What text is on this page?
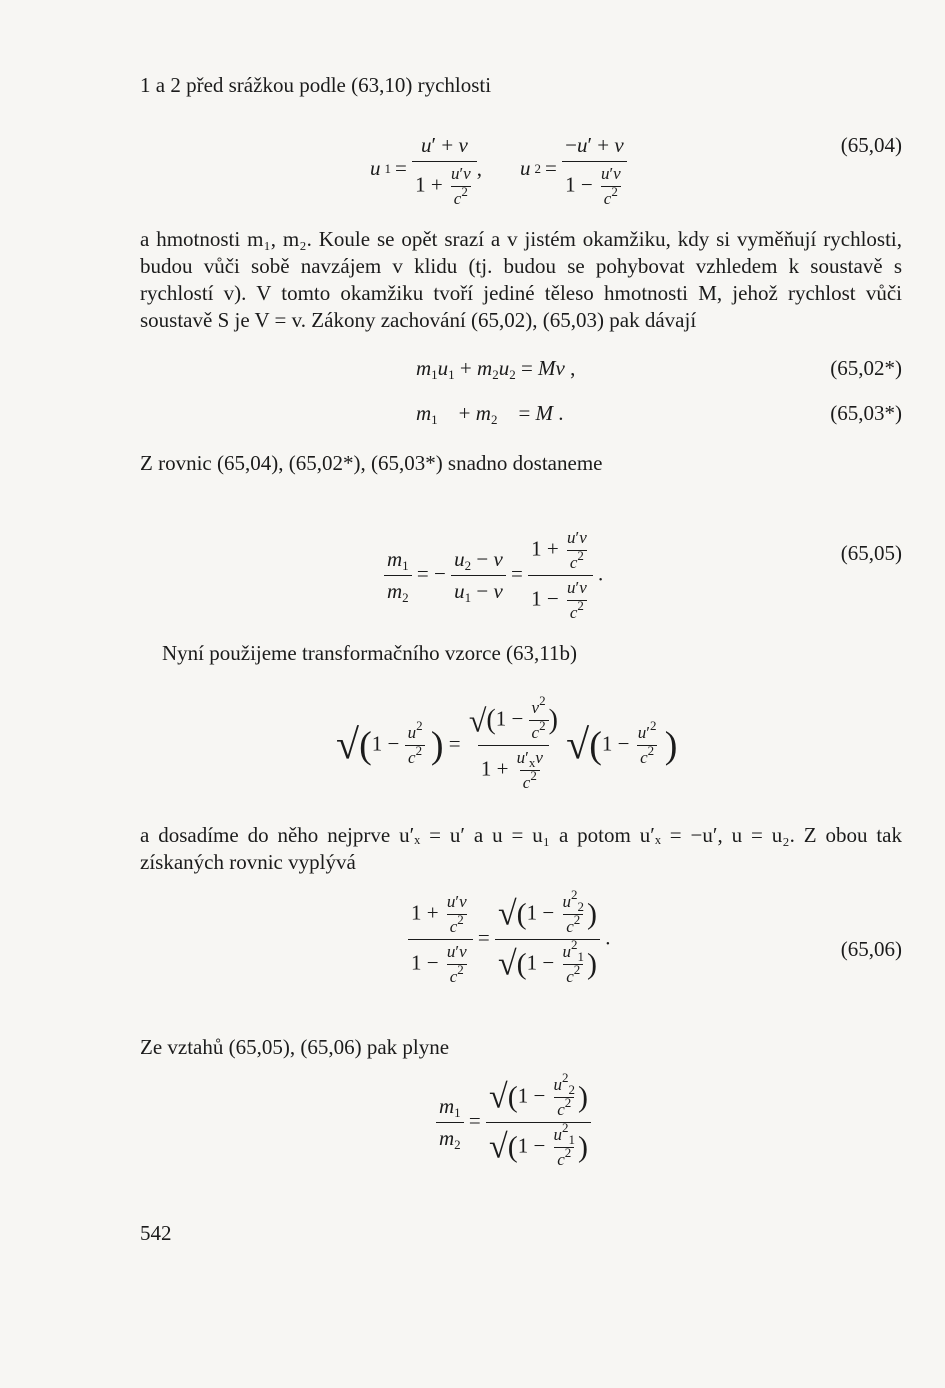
1 a 2 před srážkou podle (63,10) rychlosti

u $1 = \frac{u' + v}{1 + \frac{u'v}{c^2}}$ , u $2 = \frac{-u' + v}{1 - \frac{u'v}{c^2}}$	(65,04)

a hmotnosti m₁, m₂. Koule se opět srazí a v jistém okamžiku, kdy si vyměňují rychlosti, budou vůči sobě navzájem v klidu (tj. budou se pohybovat vzhledem k soustavě s rychlostí v). V tomto okamžiku tvoří jediné těleso hmotnosti M, jehož rychlost vůči soustavě S je V = v. Zákony zachování (65,02), (65,03) pak dávají

$m_1u_1 + m_2u_2 = Mv$ ,	(65,02*)
$m_1$    + $m_2$    = M .	(65,03*)

Z rovnic (65,04), (65,02*), (65,03*) snadno dostaneme

$\frac{m_1}{m_2}$ = − $\frac{u_2 - v}{u_1 - v} = \frac{1 + \frac{u'v}{c^2}}{1 - \frac{u'v}{c^2}}$ .
(65,05)

Nyní použijeme transformačního vzorce (63,11b)

$√(1 - \frac{u^2}{c^2}$ ) = $\frac{√(1 - \frac{v^2}{c^2} )}{1 + \frac{u'_xv}{c^2}} √(1 - \frac{u'^2}{c^2}$ )

a dosadíme do něho nejprve u′ₓ = u′ a u = u₁ a potom u′ₓ = −u′, u = u₂. Z obou tak získaných rovnic vyplývá

$\frac{1 + \frac{u'v}{c^2}}{1 - \frac{u'v}{c^2}} = \frac{√(1 - \frac{u^2_2}{c^2} )}{√(1 - \frac{u^2_1}{c^2} )}$ .	(65,06)

Ze vztahů (65,05), (65,06) pak plyne

$\frac{m_1}{m_2} = \frac{√(1 - \frac{u^2_2}{c^2} )}{√(1 - \frac{u^2_1}{c^2} )}$
542
